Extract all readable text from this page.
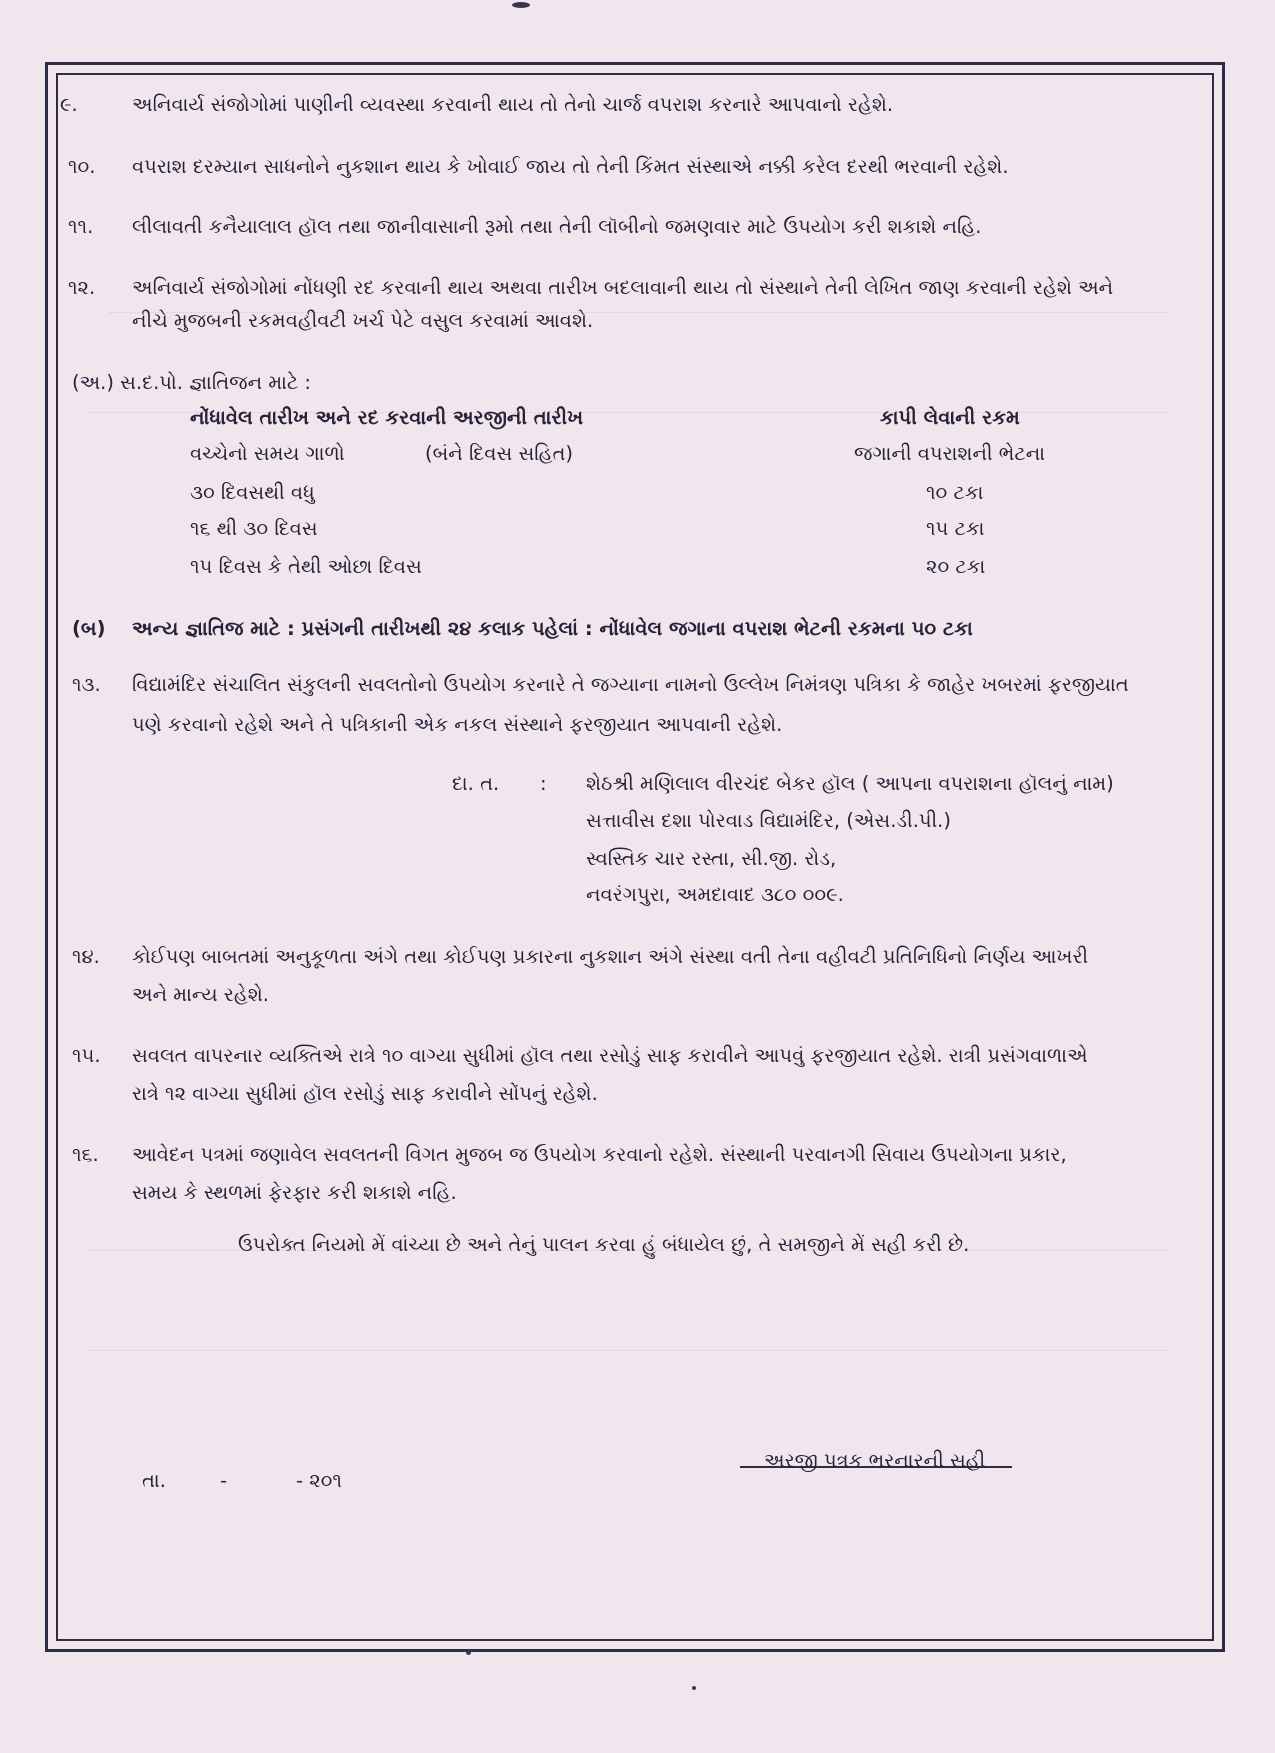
૯.	અનિવાર્ય સંજોગોમાં પાણીની વ્યવસ્થા કરવાની થાય તો તેનો ચાર્જ વપરાશ કરનારે આપવાનો રહેશે.
૧૦. વપરાશ દરમ્યાન સાધનોને નુકશાન થાય કે ખોવાઈ જાય તો તેની કિંમત સંસ્થાએ નક્કી કરેલ દરથી ભરવાની રહેશે.
૧૧. લીલાવતી કનૈયાલાલ હૉલ તથા જાનીવાસાની રૂમો તથા તેની લૉબીનો જમણવાર માટે ઉપયોગ કરી શકાશે નહિ.
૧૨. અનિવાર્ય સંજોગોમાં નોંધણી રદ કરવાની થાય અથવા તારીખ બદલાવાની થાય તો સંસ્થાને તેની લેખિત જાણ કરવાની રહેશે અને
નીચે મુજબની રકમવહીવટી ખર્ચ પેટે વસુલ કરવામાં આવશે.
(અ.) સ.દ.પો. જ્ઞાતિજન માટે :
નોંધાવેલ તારીખ અને રદ કરવાની અરજીની તારીખ	કાપી લેવાની રકમ
વચ્ચેનો સમય ગાળો	(બંને દિવસ સહિત)	જગાની વપરાશની ભેટના
૩૦ દિવસથી વધુ	૧૦ ટકા
૧૬ થી ૩૦ દિવસ	૧૫ ટકા
૧૫ દિવસ કે તેથી ઓછા દિવસ	૨૦ ટકા
(બ) અન્ય જ્ઞાતિજ માટે : પ્રસંગની તારીખથી ૨૪ કલાક પહેલાં : નોંધાવેલ જગાના વપરાશ ભેટની રકમના ૫૦ ટકા
૧૩. વિદ્યામંદિર સંચાલિત સંકુલની સવલતોનો ઉપયોગ કરનારે તે જગ્યાના નામનો ઉલ્લેખ નિમંત્રણ પત્રિકા કે જાહેર ખબરમાં ફરજીયાત
પણે કરવાનો રહેશે અને તે પત્રિકાની એક નકલ સંસ્થાને ફરજીયાત આપવાની રહેશે.
દા. ત. : શેઠશ્રી મણિલાલ વીરચંદ બેકર હૉલ ( આપના વપરાશના હૉલનું નામ)
સત્તાવીસ દશા પોરવાડ વિદ્યામંદિર, (એસ.ડી.પી.)
સ્વસ્તિક ચાર રસ્તા, સી.જી. રોડ,
નવરંગપુરા, અમદાવાદ ૩૮૦ ૦૦૯.
૧૪. કોઈપણ બાબતમાં અનુકૂળતા અંગે તથા કોઈપણ પ્રકારના નુકશાન અંગે સંસ્થા વતી તેના વહીવટી પ્રતિનિધિનો નિર્ણય આખરી
અને માન્ય રહેશે.
૧૫. સવલત વાપરનાર વ્યક્તિએ રાત્રે ૧૦ વાગ્યા સુધીમાં હૉલ તથા રસોડું સાફ કરાવીને આપવું ફરજીયાત રહેશે. રાત્રી પ્રસંગવાળાએ
રાત્રે ૧૨ વાગ્યા સુધીમાં હૉલ રસોડું સાફ કરાવીને સોંપનું રહેશે.
૧૬. આવેદન પત્રમાં જણાવેલ સવલતની વિગત મુજબ જ ઉપયોગ કરવાનો રહેશે. સંસ્થાની પરવાનગી સિવાય ઉપયોગના પ્રકાર,
સમય કે સ્થળમાં ફેરફાર કરી શકાશે નહિ.
ઉપરોક્ત નિયમો મેં વાંચ્યા છે અને તેનું પાલન કરવા હું બંધાયેલ છું, તે સમજીને મેં સહી કરી છે.
તા.	-	- ૨૦૧
અરજી પત્રક ભરનારની સહી
